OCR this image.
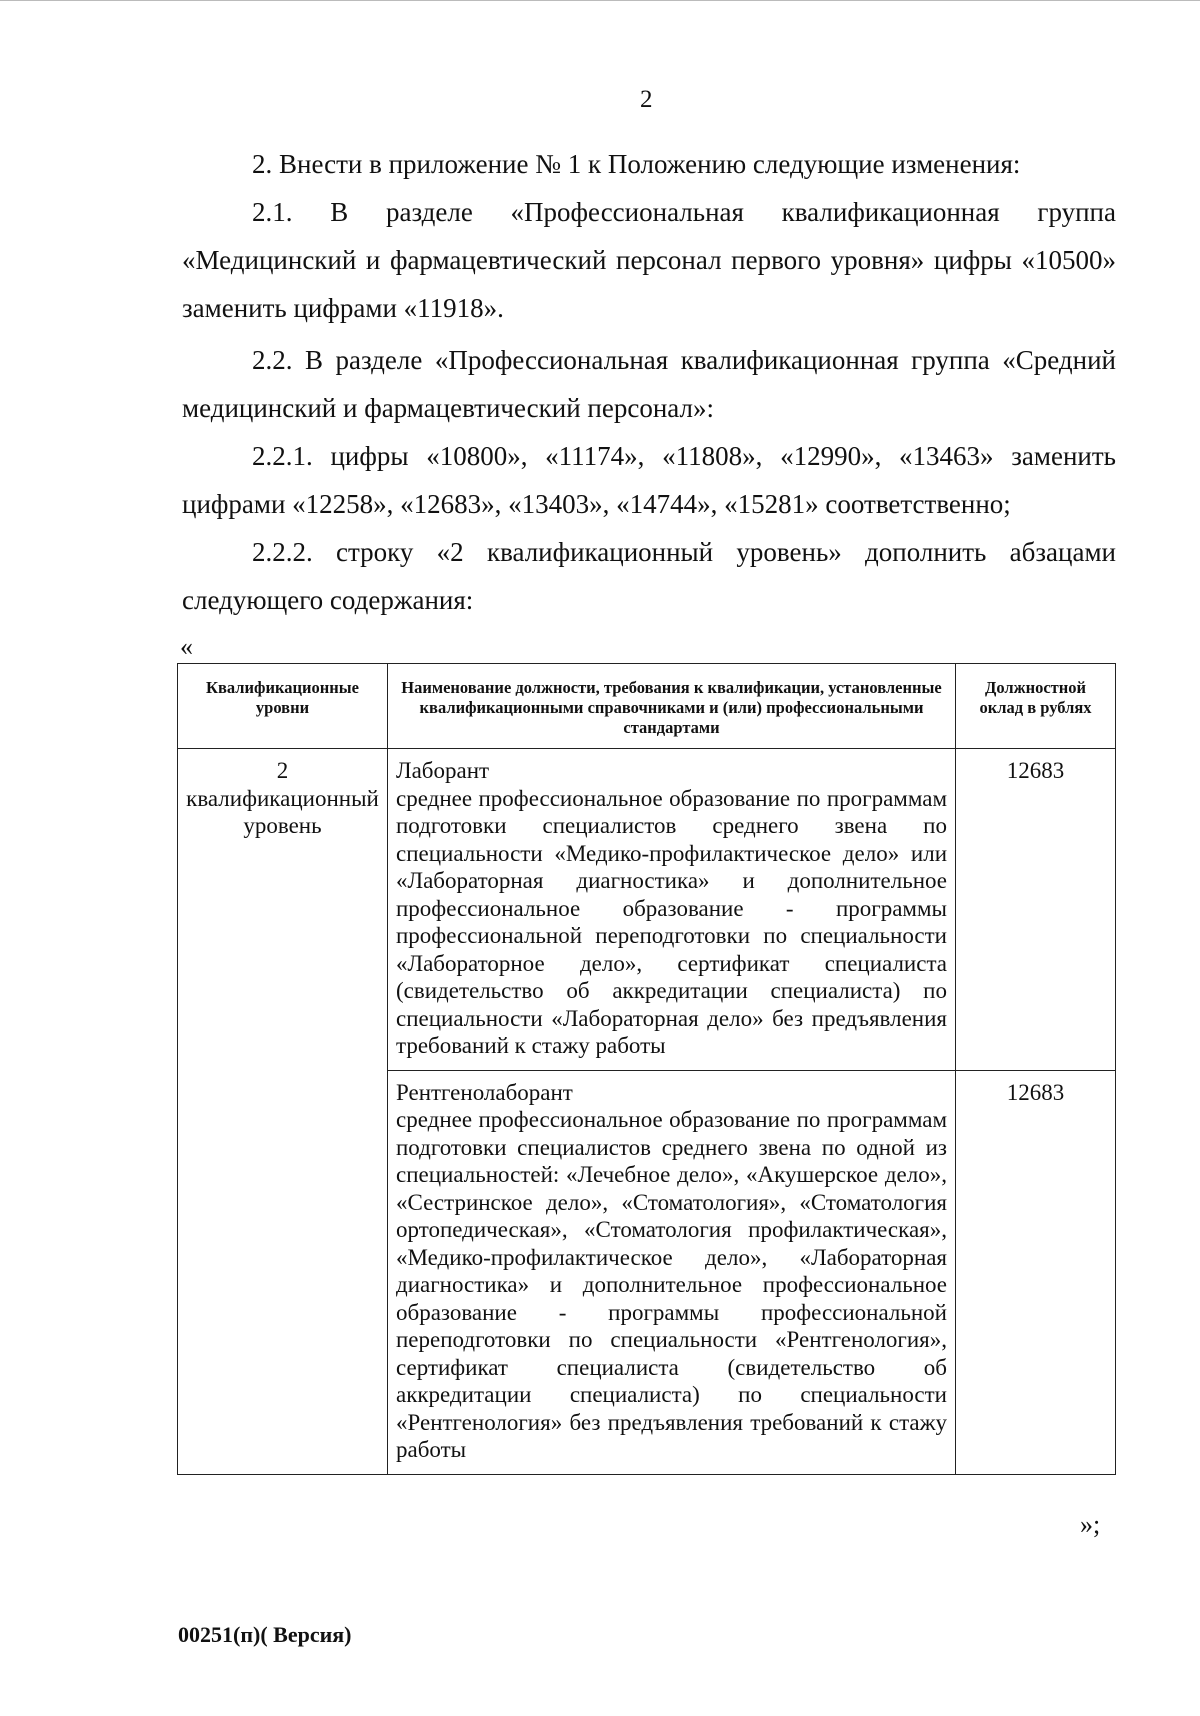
2

2. Внести в приложение № 1 к Положению следующие изменения:

2.1. В разделе «Профессиональная квалификационная группа «Медицинский и фармацевтический персонал первого уровня» цифры «10500» заменить цифрами «11918».

2.2. В разделе «Профессиональная квалификационная группа «Средний медицинский и фармацевтический персонал»:

2.2.1. цифры «10800», «11174», «11808», «12990», «13463» заменить цифрами «12258», «12683», «13403», «14744», «15281» соответственно;

2.2.2. строку «2 квалификационный уровень» дополнить абзацами следующего содержания:

«
Квалификационные уровни	Наименование должности, требования к квалификации, установленные квалификационными справочниками и (или) профессиональными стандартами	Должностной оклад в рублях
2 квалификационный уровень	Лаборант
среднее профессиональное образование по программам подготовки специалистов среднего звена по специальности «Медико-профилактическое дело» или «Лабораторная диагностика» и дополнительное профессиональное образование - программы профессиональной переподготовки по специальности «Лабораторное дело», сертификат специалиста (свидетельство об аккредитации специалиста) по специальности «Лабораторная дело» без предъявления требований к стажу работы	12683

	Рентгенолаборант
среднее профессиональное образование по программам подготовки специалистов среднего звена по одной из специальностей: «Лечебное дело», «Акушерское дело», «Сестринское дело», «Стоматология», «Стоматология ортопедическая», «Стоматология профилактическая», «Медико-профилактическое дело», «Лабораторная диагностика» и дополнительное профессиональное образование - программы профессиональной переподготовки по специальности «Рентгенология», сертификат специалиста (свидетельство об аккредитации специалиста) по специальности «Рентгенология» без предъявления требований к стажу работы	12683
»;
00251(п)( Версия)
